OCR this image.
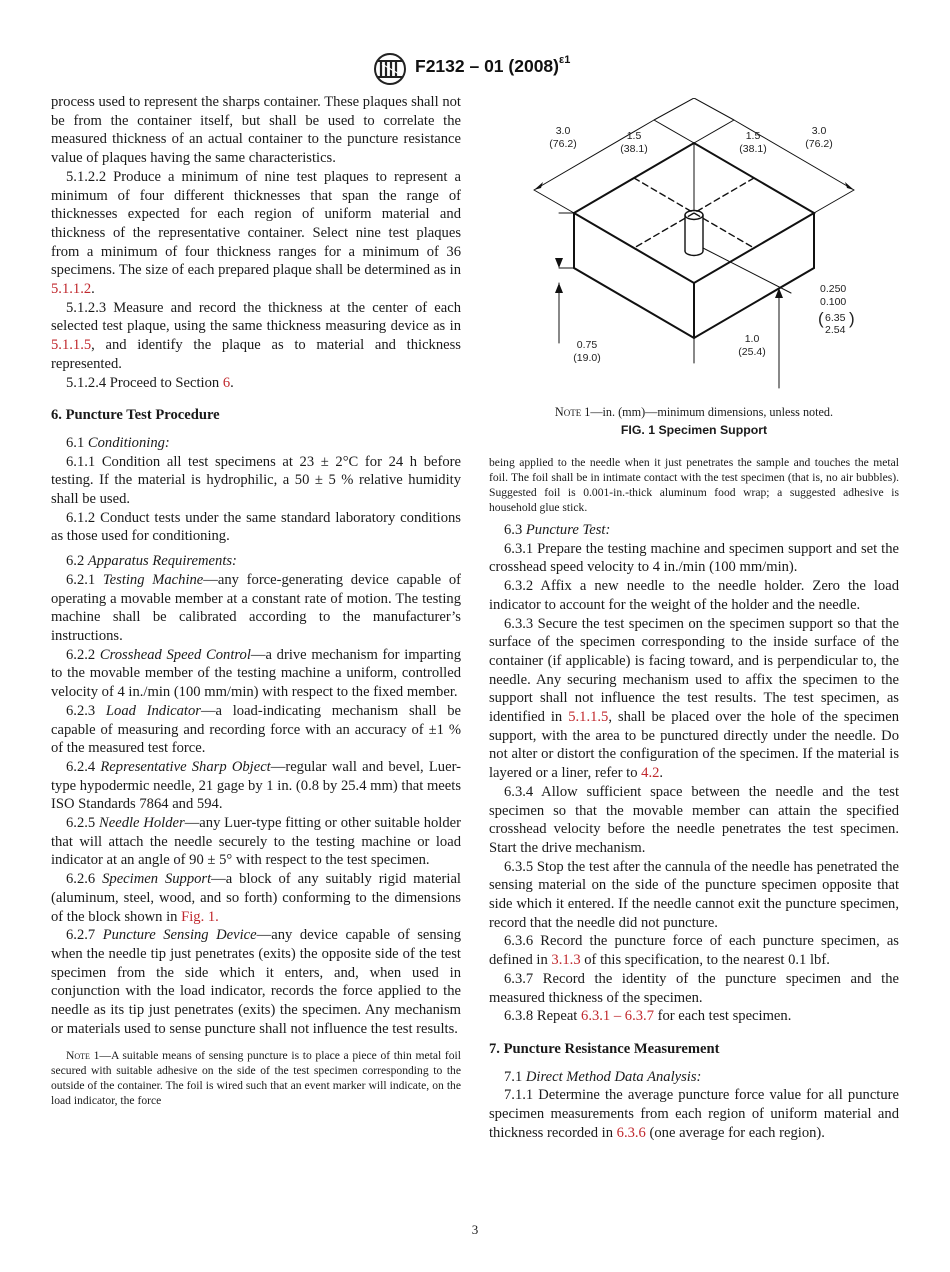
F2132 – 01 $(2008)^{\varepsilon 1}$

process used to represent the sharps container. These plaques shall not be from the container itself, but shall be used to correlate the measured thickness of an actual container to the puncture resistance value of plaques having the same characteristics.

5.1.2.2 Produce a minimum of nine test plaques to represent a minimum of four different thicknesses that span the range of thicknesses expected for each region of uniform material and thickness of the representative container. Select nine test plaques from a minimum of four thickness ranges for a minimum of 36 specimens. The size of each prepared plaque shall be determined as in 5.1.1.2.

5.1.2.3 Measure and record the thickness at the center of each selected test plaque, using the same thickness measuring device as in 5.1.1.5, and identify the plaque as to material and thickness represented.

5.1.2.4 Proceed to Section 6.

6. Puncture Test Procedure

6.1 Conditioning:

6.1.1 Condition all test specimens at 23 ± 2°C for 24 h before testing. If the material is hydrophilic, a 50 ± 5 % relative humidity shall be used.

6.1.2 Conduct tests under the same standard laboratory conditions as those used for conditioning.

6.2 Apparatus Requirements:

6.2.1 Testing Machine—any force-generating device capable of operating a movable member at a constant rate of motion. The testing machine shall be calibrated according to the manufacturer’s instructions.

6.2.2 Crosshead Speed Control—a drive mechanism for imparting to the movable member of the testing machine a uniform, controlled velocity of 4 in./min (100 mm/min) with respect to the fixed member.

6.2.3 Load Indicator—a load-indicating mechanism shall be capable of measuring and recording force with an accuracy of ±1 % of the measured test force.

6.2.4 Representative Sharp Object—regular wall and bevel, Luer-type hypodermic needle, 21 gage by 1 in. (0.8 by 25.4 mm) that meets ISO Standards 7864 and 594.

6.2.5 Needle Holder—any Luer-type fitting or other suitable holder that will attach the needle securely to the testing machine or load indicator at an angle of 90 ± 5° with respect to the test specimen.

6.2.6 Specimen Support—a block of any suitably rigid material (aluminum, steel, wood, and so forth) conforming to the dimensions of the block shown in Fig. 1.

6.2.7 Puncture Sensing Device—any device capable of sensing when the needle tip just penetrates (exits) the opposite side of the test specimen from the side which it enters, and, when used in conjunction with the load indicator, records the force applied to the needle as its tip just penetrates (exits) the specimen. Any mechanism or materials used to sense puncture shall not influence the test results.

Note 1—A suitable means of sensing puncture is to place a piece of thin metal foil secured with suitable adhesive on the side of the test specimen corresponding to the outside of the container. The foil is wired such that an event marker will indicate, on the load indicator, the force

3.0
(76.2)
1.5
(38.1)
1.5
(38.1)
3.0
(76.2)
0.250
0.100
( 6.35
2.54
)
0.75
(19.0)
1.0
(25.4)
Note 1—in. (mm)—minimum dimensions, unless noted.
FIG. 1 Specimen Support

being applied to the needle when it just penetrates the sample and touches the metal foil. The foil shall be in intimate contact with the test specimen (that is, no air bubbles). Suggested foil is 0.001-in.-thick aluminum food wrap; a suggested adhesive is household glue stick.

6.3 Puncture Test:

6.3.1 Prepare the testing machine and specimen support and set the crosshead speed velocity to 4 in./min (100 mm/min).

6.3.2 Affix a new needle to the needle holder. Zero the load indicator to account for the weight of the holder and the needle.

6.3.3 Secure the test specimen on the specimen support so that the surface of the specimen corresponding to the inside surface of the container (if applicable) is facing toward, and is perpendicular to, the needle. Any securing mechanism used to affix the specimen to the support shall not influence the test results. The test specimen, as identified in 5.1.1.5, shall be placed over the hole of the specimen support, with the area to be punctured directly under the needle. Do not alter or distort the configuration of the specimen. If the material is layered or a liner, refer to 4.2.

6.3.4 Allow sufficient space between the needle and the test specimen so that the movable member can attain the specified crosshead velocity before the needle penetrates the test specimen. Start the drive mechanism.

6.3.5 Stop the test after the cannula of the needle has penetrated the sensing material on the side of the puncture specimen opposite that side which it entered. If the needle cannot exit the puncture specimen, record that the needle did not puncture.

6.3.6 Record the puncture force of each puncture specimen, as defined in 3.1.3 of this specification, to the nearest 0.1 lbf.

6.3.7 Record the identity of the puncture specimen and the measured thickness of the specimen.

6.3.8 Repeat 6.3.1 – 6.3.7 for each test specimen.

7. Puncture Resistance Measurement

7.1 Direct Method Data Analysis:

7.1.1 Determine the average puncture force value for all puncture specimen measurements from each region of uniform material and thickness recorded in 6.3.6 (one average for each region).

3
